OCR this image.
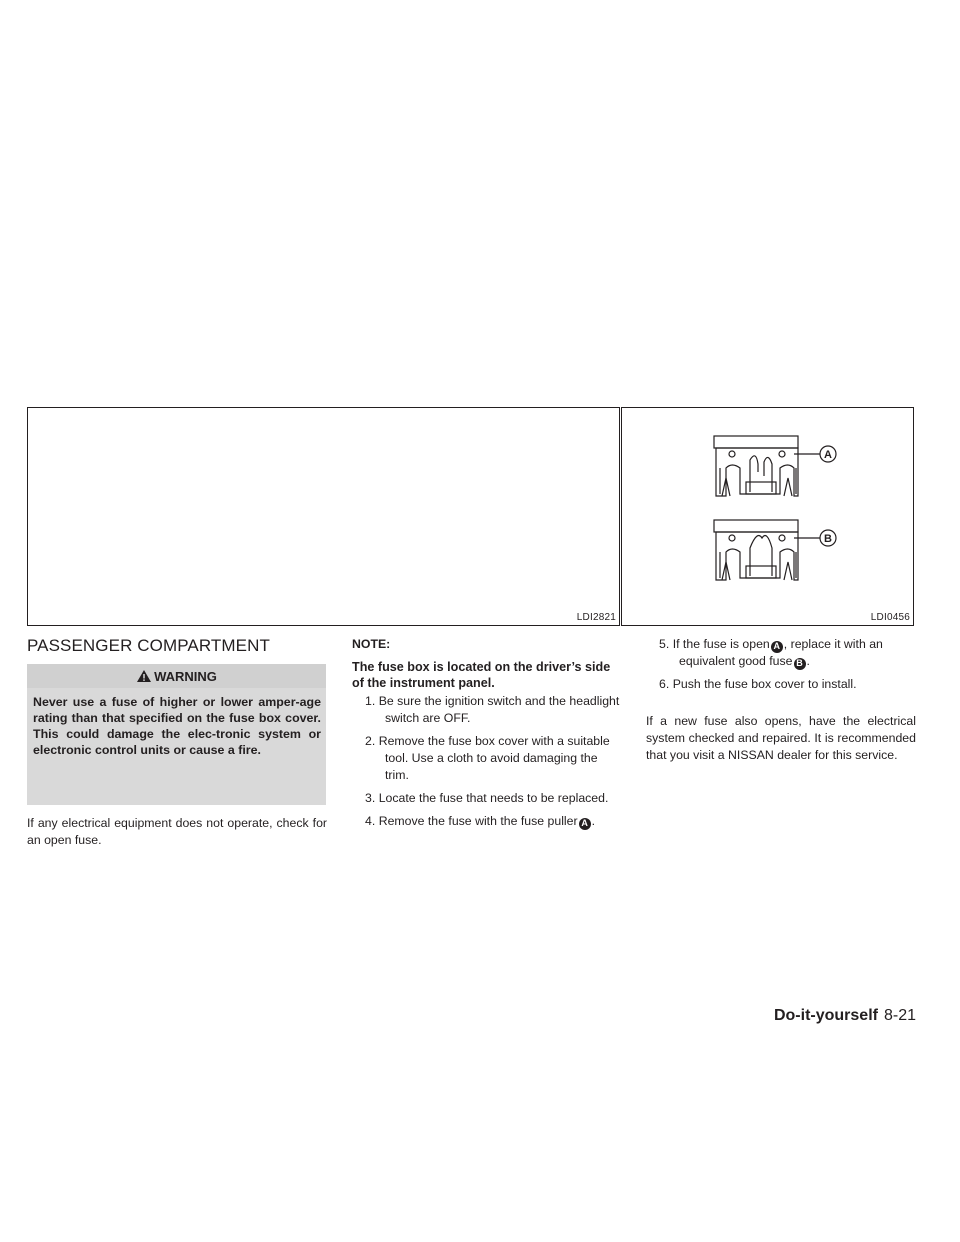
LDI2821
A
B
LDI0456
PASSENGER COMPARTMENT
WARNING

Never use a fuse of higher or lower amper-age rating than that specified on the fuse box cover. This could damage the elec-tronic system or electronic control units or cause a fire.

If any electrical equipment does not operate, check for an open fuse.

NOTE:

The fuse box is located on the driver’s side of the instrument panel.

1. Be sure the ignition switch and the headlight switch are OFF.
2. Remove the fuse box cover with a suitable tool. Use a cloth to avoid damaging the trim.
3. Locate the fuse that needs to be replaced.
4. Remove the fuse with the fuse puller A .
5. If the fuse is open A , replace it with an equivalent good fuse B .
6. Push the fuse box cover to install.

If a new fuse also opens, have the electrical system checked and repaired. It is recommended that you visit a NISSAN dealer for this service.

Do-it-yourself 8-21
